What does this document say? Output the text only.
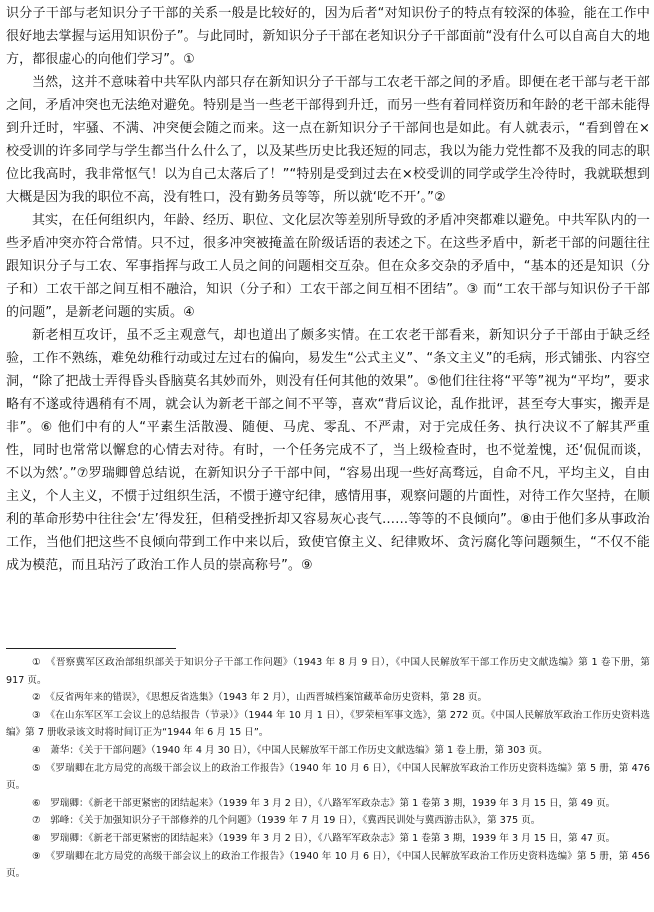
识分子干部与老知识分子干部的关系一般是比较好的，因为后者“对知识份子的特点有较深的体验，能在工作中很好地去掌握与运用知识份子”。与此同时，新知识分子干部在老知识分子干部面前“没有什么可以自高自大的地方，都很虚心的向他们学习”。①

当然，这并不意味着中共军队内部只存在新知识分子干部与工农老干部之间的矛盾。即便在老干部与老干部之间，矛盾冲突也无法绝对避免。特别是当一些老干部得到升迁，而另一些有着同样资历和年龄的老干部未能得到升迁时，牢骚、不满、冲突便会随之而来。这一点在新知识分子干部间也是如此。有人就表示，“看到曾在×校受训的许多同学与学生都当什么什么了，以及某些历史比我还短的同志，我以为能力党性都不及我的同志的职位比我高时，我非常怄气！以为自己太落后了！”“特别是受到过去在×校受训的同学或学生冷待时，我就联想到大概是因为我的职位不高，没有牲口，没有勤务员等等，所以就‘吃不开’。”②

其实，在任何组织内，年龄、经历、职位、文化层次等差别所导致的矛盾冲突都难以避免。中共军队内的一些矛盾冲突亦符合常情。只不过，很多冲突被掩盖在阶级话语的表述之下。在这些矛盾中，新老干部的问题往往跟知识分子与工农、军事指挥与政工人员之间的问题相交互杂。但在众多交杂的矛盾中，“基本的还是知识（分子和）工农干部之间互相不融洽，知识（分子和）工农干部之间互相不团结”。③ 而“工农干部与知识份子干部的问题”，是新老问题的实质。④

新老相互攻讦，虽不乏主观意气，却也道出了颇多实情。在工农老干部看来，新知识分子干部由于缺乏经验，工作不熟练，难免幼稚行动或过左过右的偏向，易发生“公式主义”、“条文主义”的毛病，形式铺张、内容空洞，“除了把战士弄得昏头昏脑莫名其妙而外，则没有任何其他的效果”。⑤他们往往将“平等”视为“平均”，要求略有不遂或待遇稍有不周，就会认为新老干部之间不平等，喜欢“背后议论，乱作批评，甚至夸大事实，搬弄是非”。⑥ 他们中有的人“平素生活散漫、随便、马虎、零乱、不严肃，对于完成任务、执行决议不了解其严重性，同时也常常以懈怠的心情去对待。有时，一个任务完成不了，当上级检查时，也不觉羞愧，还‘侃侃而谈，不以为然’。”⑦罗瑞卿曾总结说，在新知识分子干部中间，“容易出现一些好高骛远，自命不凡，平均主义，自由主义，个人主义，不惯于过组织生活，不惯于遵守纪律，感情用事，观察问题的片面性，对待工作欠坚持，在顺利的革命形势中往往会‘左’得发狂，但稍受挫折却又容易灰心丧气……等等的不良倾向”。⑧由于他们多从事政治工作，当他们把这些不良倾向带到工作中来以后，致使官僚主义、纪律败坏、贪污腐化等问题频生，“不仅不能成为模范，而且玷污了政治工作人员的崇高称号”。⑨

①　《晋察冀军区政治部组织部关于知识分子干部工作问题》（1943 年 8 月 9 日），《中国人民解放军干部工作历史文献选编》第 1 卷下册，第 917 页。

②　《反省两年来的错误》，《思想反省选集》（1943 年 2 月），山西晋城档案馆藏革命历史资料，第 28 页。

③　《在山东军区军工会议上的总结报告（节录）》（1944 年 10 月 1 日），《罗荣桓军事文选》，第 272 页。《中国人民解放军政治工作历史资料选编》第 7 册收录该文时将时间订正为“1944 年 6 月 15 日”。

④　萧华：《关于干部问题》（1940 年 4 月 30 日），《中国人民解放军干部工作历史文献选编》第 1 卷上册，第 303 页。

⑤　《罗瑞卿在北方局党的高级干部会议上的政治工作报告》（1940 年 10 月 6 日），《中国人民解放军政治工作历史资料选编》第 5 册，第 476 页。

⑥　罗瑞卿：《新老干部更紧密的团结起来》（1939 年 3 月 2 日），《八路军军政杂志》第 1 卷第 3 期，1939 年 3 月 15 日，第 49 页。

⑦　郭峰：《关于加强知识分子干部修养的几个问题》（1939 年 7 月 19 日），《冀西民训处与冀西游击队》，第 375 页。

⑧　罗瑞卿：《新老干部更紧密的团结起来》（1939 年 3 月 2 日），《八路军军政杂志》第 1 卷第 3 期，1939 年 3 月 15 日，第 47 页。

⑨　《罗瑞卿在北方局党的高级干部会议上的政治工作报告》（1940 年 10 月 6 日），《中国人民解放军政治工作历史资料选编》第 5 册，第 456 页。
